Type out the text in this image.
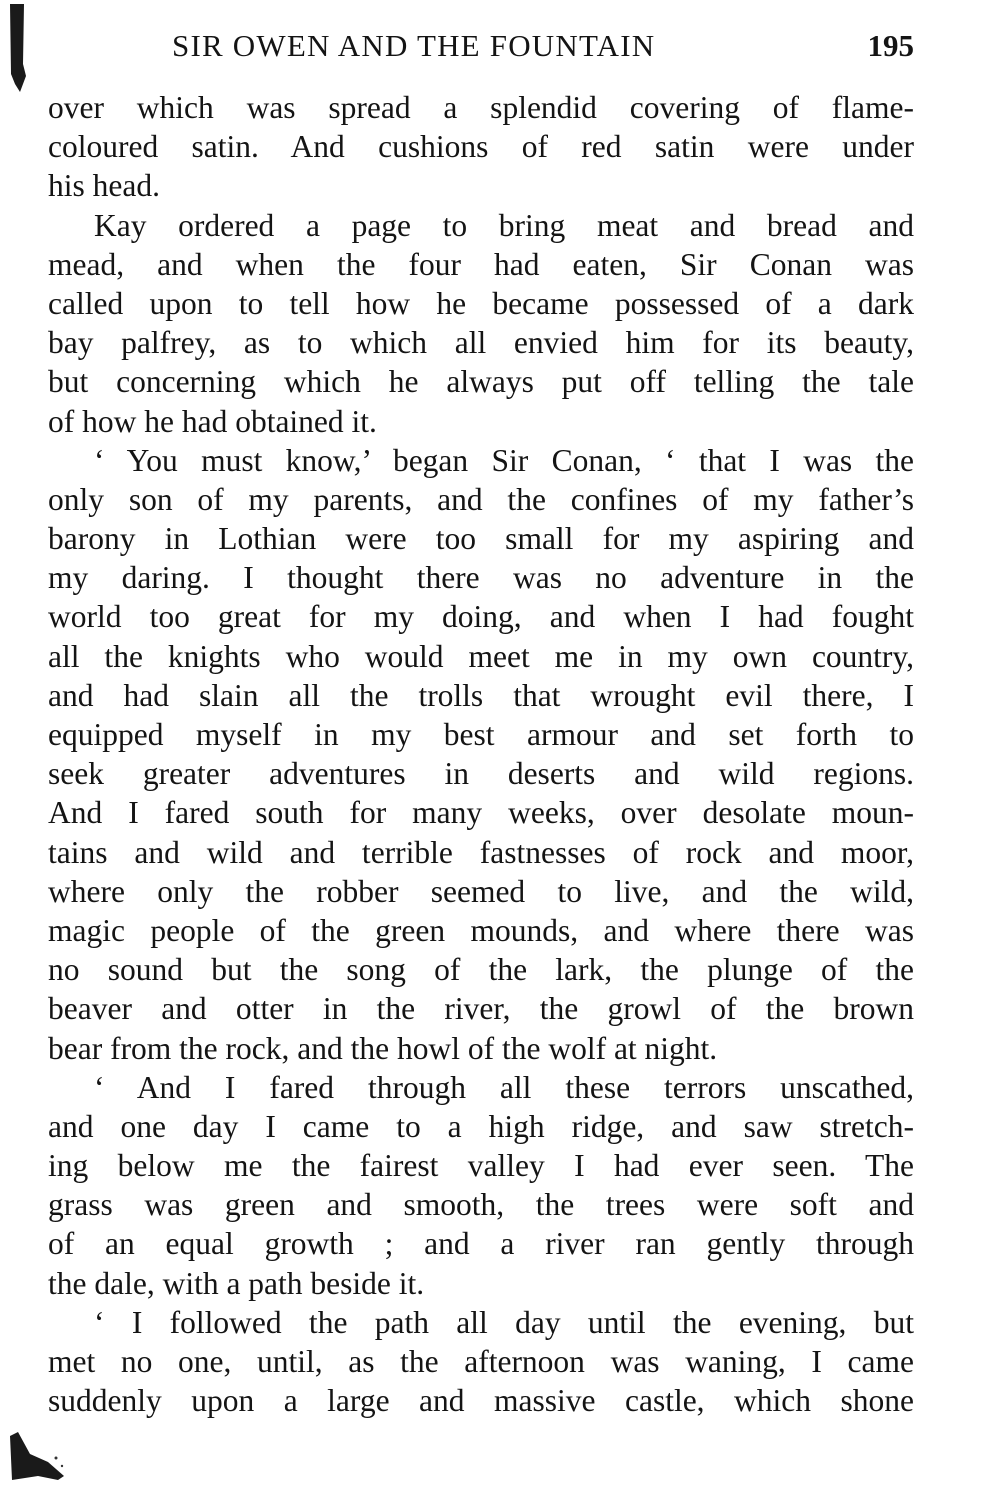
SIR OWEN AND THE FOUNTAIN	195

over which was spread a splendid covering of flame-
coloured satin. And cushions of red satin were under
his head.

Kay ordered a page to bring meat and bread and
mead, and when the four had eaten, Sir Conan was
called upon to tell how he became possessed of a dark
bay palfrey, as to which all envied him for its beauty,
but concerning which he always put off telling the tale
of how he had obtained it.

‘ You must know,’ began Sir Conan, ‘ that I was the
only son of my parents, and the confines of my father’s
barony in Lothian were too small for my aspiring and
my daring. I thought there was no adventure in the
world too great for my doing, and when I had fought
all the knights who would meet me in my own country,
and had slain all the trolls that wrought evil there, I
equipped myself in my best armour and set forth to
seek greater adventures in deserts and wild regions.
And I fared south for many weeks, over desolate moun-
tains and wild and terrible fastnesses of rock and moor,
where only the robber seemed to live, and the wild,
magic people of the green mounds, and where there was
no sound but the song of the lark, the plunge of the
beaver and otter in the river, the growl of the brown
bear from the rock, and the howl of the wolf at night.

‘ And I fared through all these terrors unscathed,
and one day I came to a high ridge, and saw stretch-
ing below me the fairest valley I had ever seen. The
grass was green and smooth, the trees were soft and
of an equal growth ; and a river ran gently through
the dale, with a path beside it.

‘ I followed the path all day until the evening, but
met no one, until, as the afternoon was waning, I came
suddenly upon a large and massive castle, which shone
